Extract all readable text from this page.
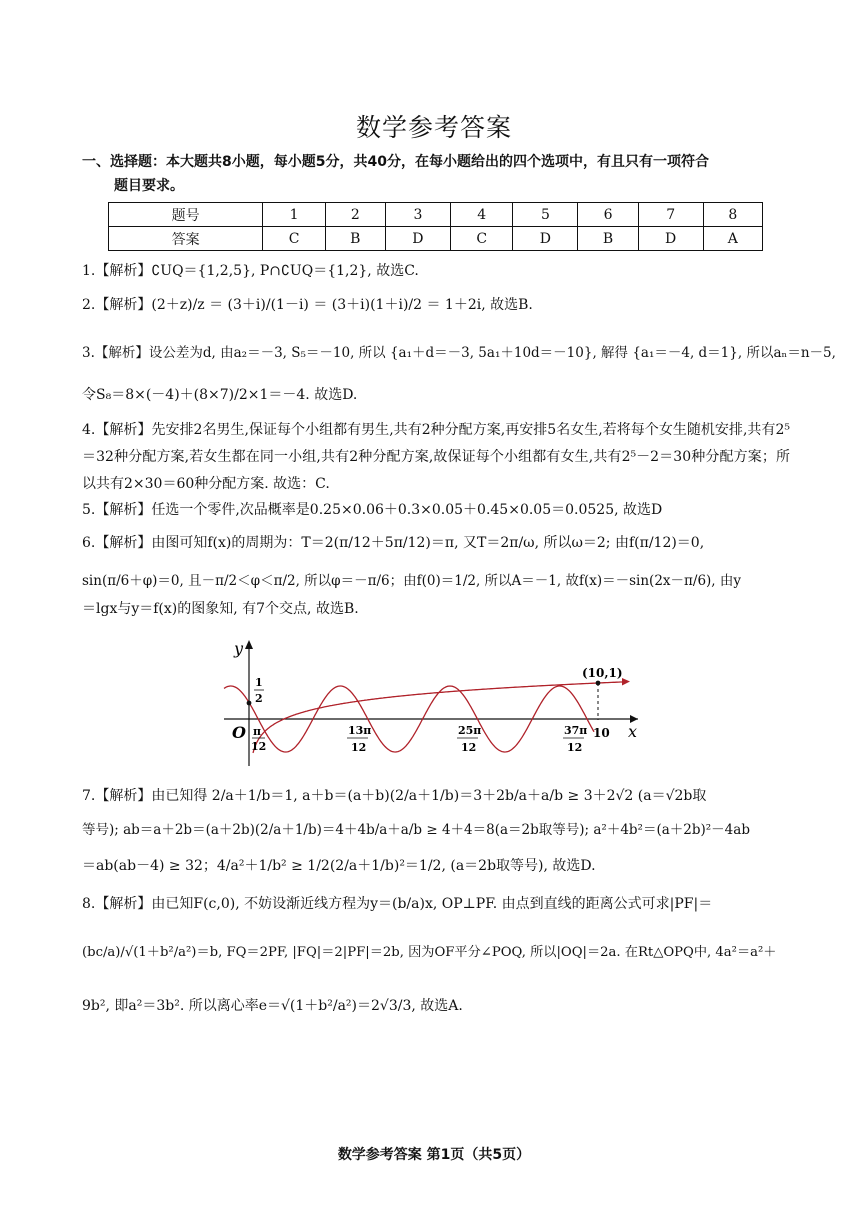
数学参考答案
一、选择题：本大题共8小题，每小题5分，共40分，在每小题给出的四个选项中，有且只有一项符合
题目要求。
题号	1	2	3	4	5	6	7	8
答案	C	B	D	C	D	B	D	A
1.【解析】∁UQ＝{1,2,5}, P∩∁UQ＝{1,2}, 故选C.
2.【解析】(2＋z)/z ＝ (3＋i)/(1－i) ＝ (3＋i)(1＋i)/2 ＝ 1＋2i, 故选B.
3.【解析】设公差为d, 由a₂＝－3, S₅＝－10, 所以 {a₁＋d＝－3, 5a₁＋10d＝－10}, 解得 {a₁＝－4, d＝1}, 所以aₙ＝n－5,
令S₈＝8×(－4)＋(8×7)/2×1＝－4. 故选D.
4.【解析】先安排2名男生,保证每个小组都有男生,共有2种分配方案,再安排5名女生,若将每个女生随机安排,共有2⁵＝32种分配方案,若女生都在同一小组,共有2种分配方案,故保证每个小组都有女生,共有2⁵－2＝30种分配方案；所以共有2×30＝60种分配方案. 故选：C.
5.【解析】任选一个零件,次品概率是0.25×0.06＋0.3×0.05＋0.45×0.05＝0.0525, 故选D
6.【解析】由图可知f(x)的周期为：T＝2(π/12＋5π/12)＝π, 又T＝2π/ω, 所以ω＝2; 由f(π/12)＝0,
sin(π/6＋φ)＝0, 且－π/2＜φ＜π/2, 所以φ＝－π/6；由f(0)＝1/2, 所以A＝－1, 故f(x)＝－sin(2x－π/6), 由y
＝lgx与y＝f(x)的图象知, 有7个交点, 故选B.
y
x
O
1
2
π
12
13π
12
25π
12
37π
12
10
(10,1)
7.【解析】由已知得 2/a＋1/b＝1, a＋b＝(a＋b)(2/a＋1/b)＝3＋2b/a＋a/b ≥ 3＋2√2 (a＝√2b取
等号); ab＝a＋2b＝(a＋2b)(2/a＋1/b)＝4＋4b/a＋a/b ≥ 4＋4＝8(a＝2b取等号); a²＋4b²＝(a＋2b)²－4ab
＝ab(ab－4) ≥ 32；4/a²＋1/b² ≥ 1/2(2/a＋1/b)²＝1/2, (a＝2b取等号), 故选D.
8.【解析】由已知F(c,0), 不妨设渐近线方程为y＝(b/a)x, OP⊥PF. 由点到直线的距离公式可求|PF|＝
(bc/a)/√(1＋b²/a²)＝b, FQ＝2PF, |FQ|＝2|PF|＝2b, 因为OF平分∠POQ, 所以|OQ|＝2a. 在Rt△OPQ中, 4a²＝a²＋
9b², 即a²＝3b². 所以离心率e＝√(1＋b²/a²)＝2√3/3, 故选A.
数学参考答案 第1页（共5页）
